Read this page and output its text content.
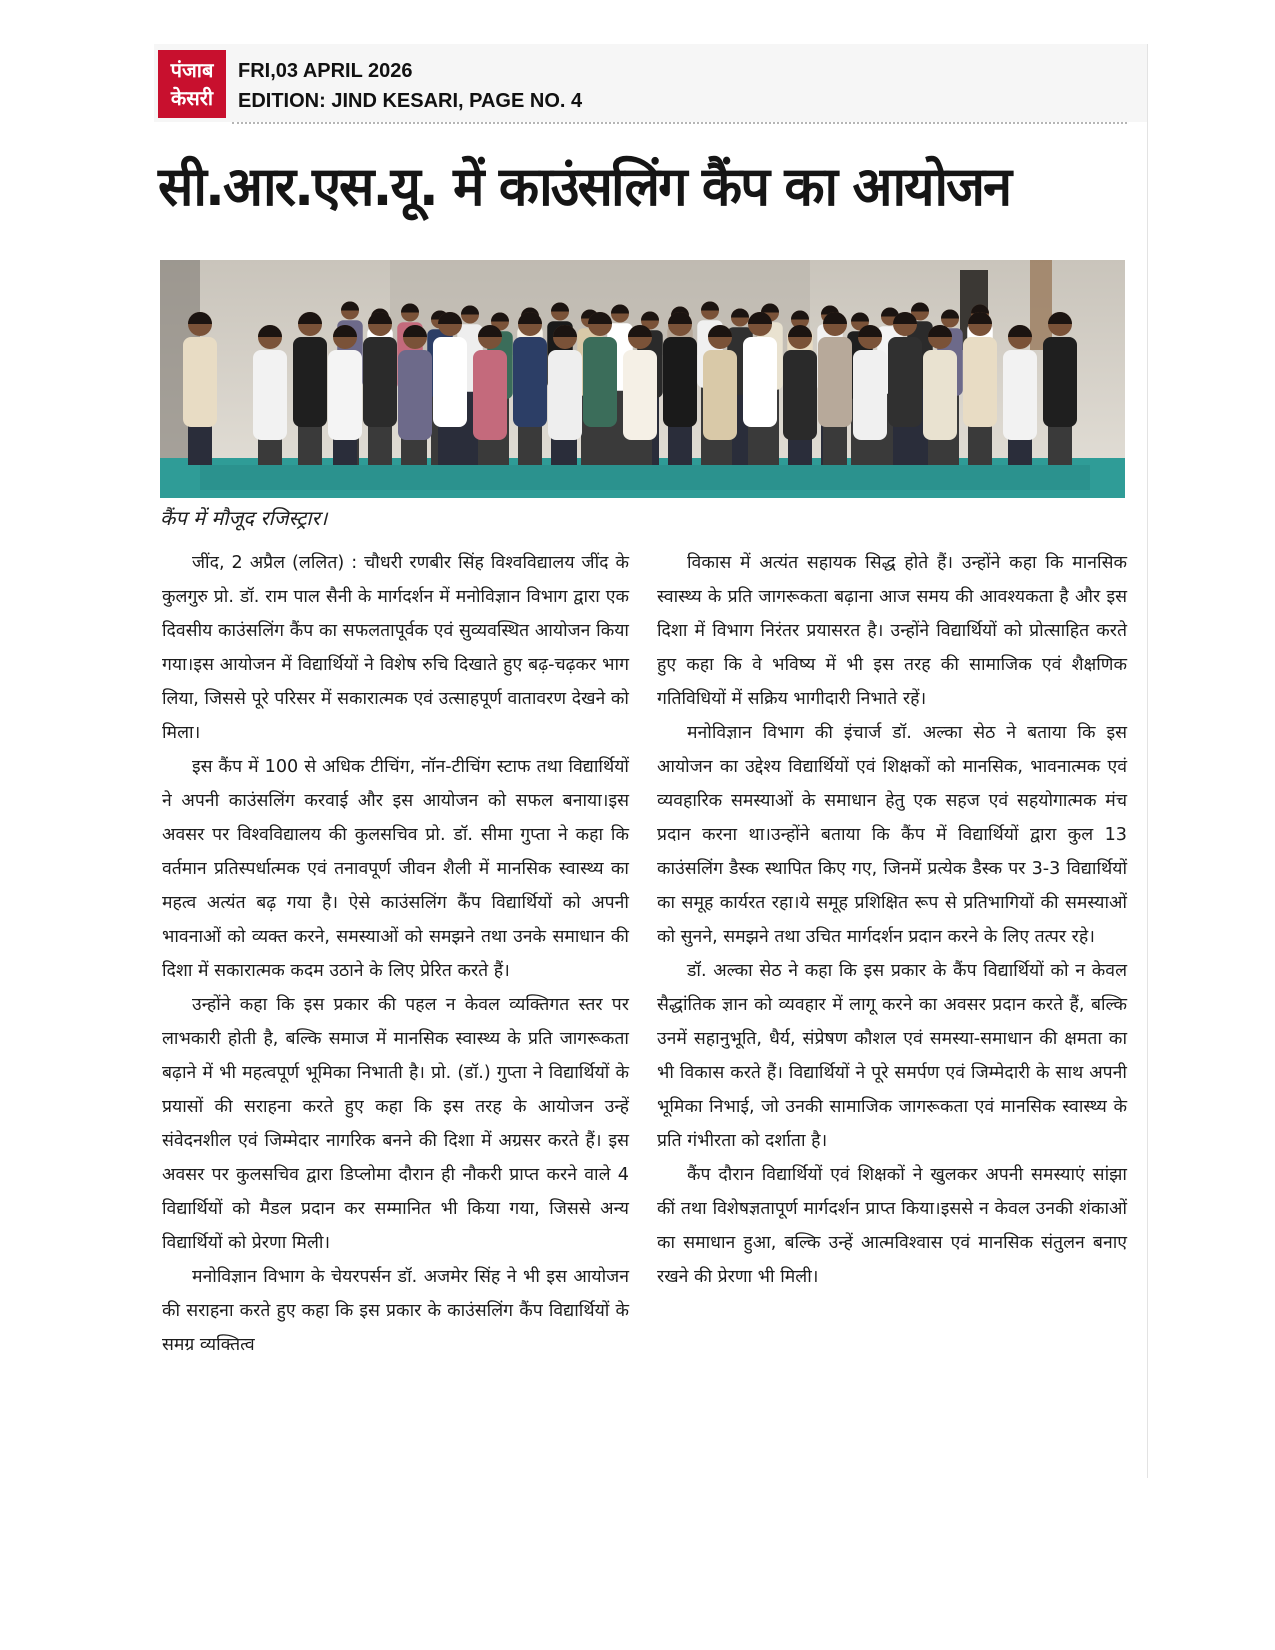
पंजाब
केसरी
FRI,03 APRIL 2026
EDITION: JIND KESARI, PAGE NO. 4
सी.आर.एस.यू. में काउंसलिंग कैंप का आयोजन

कैंप में मौजूद रजिस्ट्रार।

जींद, 2 अप्रैल (ललित) : चौधरी रणबीर सिंह विश्वविद्यालय जींद के कुलगुरु प्रो. डॉ. राम पाल सैनी के मार्गदर्शन में मनोविज्ञान विभाग द्वारा एक दिवसीय काउंसलिंग कैंप का सफलतापूर्वक एवं सुव्यवस्थित आयोजन किया गया।इस आयोजन में विद्यार्थियों ने विशेष रुचि दिखाते हुए बढ़-चढ़कर भाग लिया, जिससे पूरे परिसर में सकारात्मक एवं उत्साहपूर्ण वातावरण देखने को मिला।

इस कैंप में 100 से अधिक टीचिंग, नॉन-टीचिंग स्टाफ तथा विद्यार्थियों ने अपनी काउंसलिंग करवाई और इस आयोजन को सफल बनाया।इस अवसर पर विश्वविद्यालय की कुलसचिव प्रो. डॉ. सीमा गुप्ता ने कहा कि वर्तमान प्रतिस्पर्धात्मक एवं तनावपूर्ण जीवन शैली में मानसिक स्वास्थ्य का महत्व अत्यंत बढ़ गया है। ऐसे काउंसलिंग कैंप विद्यार्थियों को अपनी भावनाओं को व्यक्त करने, समस्याओं को समझने तथा उनके समाधान की दिशा में सकारात्मक कदम उठाने के लिए प्रेरित करते हैं।

उन्होंने कहा कि इस प्रकार की पहल न केवल व्यक्तिगत स्तर पर लाभकारी होती है, बल्कि समाज में मानसिक स्वास्थ्य के प्रति जागरूकता बढ़ाने में भी महत्वपूर्ण भूमिका निभाती है। प्रो. (डॉ.) गुप्ता ने विद्यार्थियों के प्रयासों की सराहना करते हुए कहा कि इस तरह के आयोजन उन्हें संवेदनशील एवं जिम्मेदार नागरिक बनने की दिशा में अग्रसर करते हैं। इस अवसर पर कुलसचिव द्वारा डिप्लोमा दौरान ही नौकरी प्राप्त करने वाले 4 विद्यार्थियों को मैडल प्रदान कर सम्मानित भी किया गया, जिससे अन्य विद्यार्थियों को प्रेरणा मिली।

मनोविज्ञान विभाग के चेयरपर्सन डॉ. अजमेर सिंह ने भी इस आयोजन की सराहना करते हुए कहा कि इस प्रकार के काउंसलिंग कैंप विद्यार्थियों के समग्र व्यक्तित्व

विकास में अत्यंत सहायक सिद्ध होते हैं। उन्होंने कहा कि मानसिक स्वास्थ्य के प्रति जागरूकता बढ़ाना आज समय की आवश्यकता है और इस दिशा में विभाग निरंतर प्रयासरत है। उन्होंने विद्यार्थियों को प्रोत्साहित करते हुए कहा कि वे भविष्य में भी इस तरह की सामाजिक एवं शैक्षणिक गतिविधियों में सक्रिय भागीदारी निभाते रहें।

मनोविज्ञान विभाग की इंचार्ज डॉ. अल्का सेठ ने बताया कि इस आयोजन का उद्देश्य विद्यार्थियों एवं शिक्षकों को मानसिक, भावनात्मक एवं व्यवहारिक समस्याओं के समाधान हेतु एक सहज एवं सहयोगात्मक मंच प्रदान करना था।उन्होंने बताया कि कैंप में विद्यार्थियों द्वारा कुल 13 काउंसलिंग डैस्क स्थापित किए गए, जिनमें प्रत्येक डैस्क पर 3-3 विद्यार्थियों का समूह कार्यरत रहा।ये समूह प्रशिक्षित रूप से प्रतिभागियों की समस्याओं को सुनने, समझने तथा उचित मार्गदर्शन प्रदान करने के लिए तत्पर रहे।

डॉ. अल्का सेठ ने कहा कि इस प्रकार के कैंप विद्यार्थियों को न केवल सैद्धांतिक ज्ञान को व्यवहार में लागू करने का अवसर प्रदान करते हैं, बल्कि उनमें सहानुभूति, धैर्य, संप्रेषण कौशल एवं समस्या-समाधान की क्षमता का भी विकास करते हैं। विद्यार्थियों ने पूरे समर्पण एवं जिम्मेदारी के साथ अपनी भूमिका निभाई, जो उनकी सामाजिक जागरूकता एवं मानसिक स्वास्थ्य के प्रति गंभीरता को दर्शाता है।

कैंप दौरान विद्यार्थियों एवं शिक्षकों ने खुलकर अपनी समस्याएं सांझा कीं तथा विशेषज्ञतापूर्ण मार्गदर्शन प्राप्त किया।इससे न केवल उनकी शंकाओं का समाधान हुआ, बल्कि उन्हें आत्मविश्वास एवं मानसिक संतुलन बनाए रखने की प्रेरणा भी मिली।
